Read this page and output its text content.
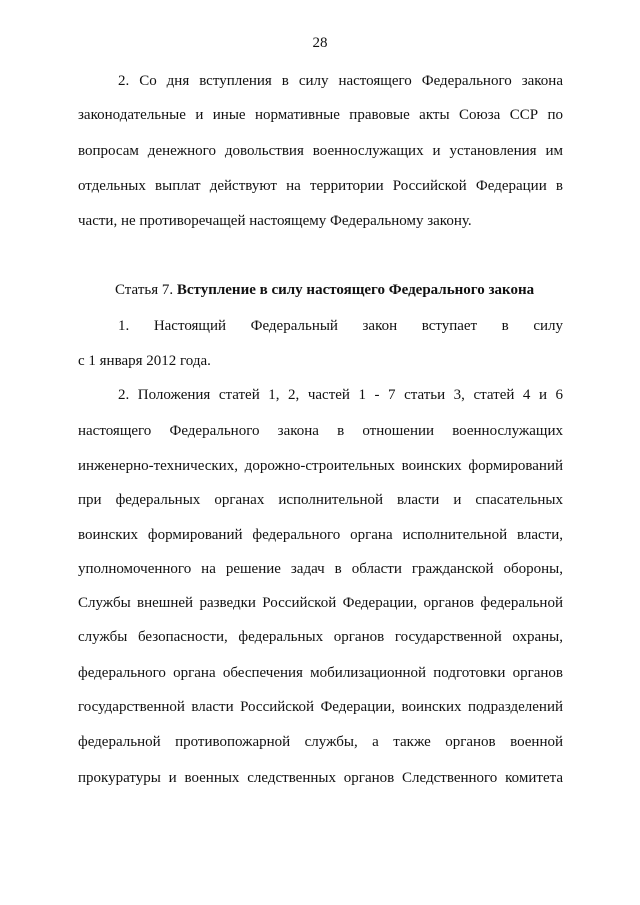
28
2. Со дня вступления в силу настоящего Федерального закона
законодательные и иные нормативные правовые акты Союза ССР по
вопросам денежного довольствия военнослужащих и установления им
отдельных выплат действуют на территории Российской Федерации в
части, не противоречащей настоящему Федеральному закону.
Статья 7. Вступление в силу настоящего Федерального закона
1. Настоящий Федеральный закон вступает в силу
с 1 января 2012 года.
2. Положения статей 1, 2, частей 1 - 7 статьи 3, статей 4 и 6
настоящего Федерального закона в отношении военнослужащих
инженерно-технических, дорожно-строительных воинских формирований
при федеральных органах исполнительной власти и спасательных
воинских формирований федерального органа исполнительной власти,
уполномоченного на решение задач в области гражданской обороны,
Службы внешней разведки Российской Федерации, органов федеральной
службы безопасности, федеральных органов государственной охраны,
федерального органа обеспечения мобилизационной подготовки органов
государственной власти Российской Федерации, воинских подразделений
федеральной противопожарной службы, а также органов военной
прокуратуры и военных следственных органов Следственного комитета
